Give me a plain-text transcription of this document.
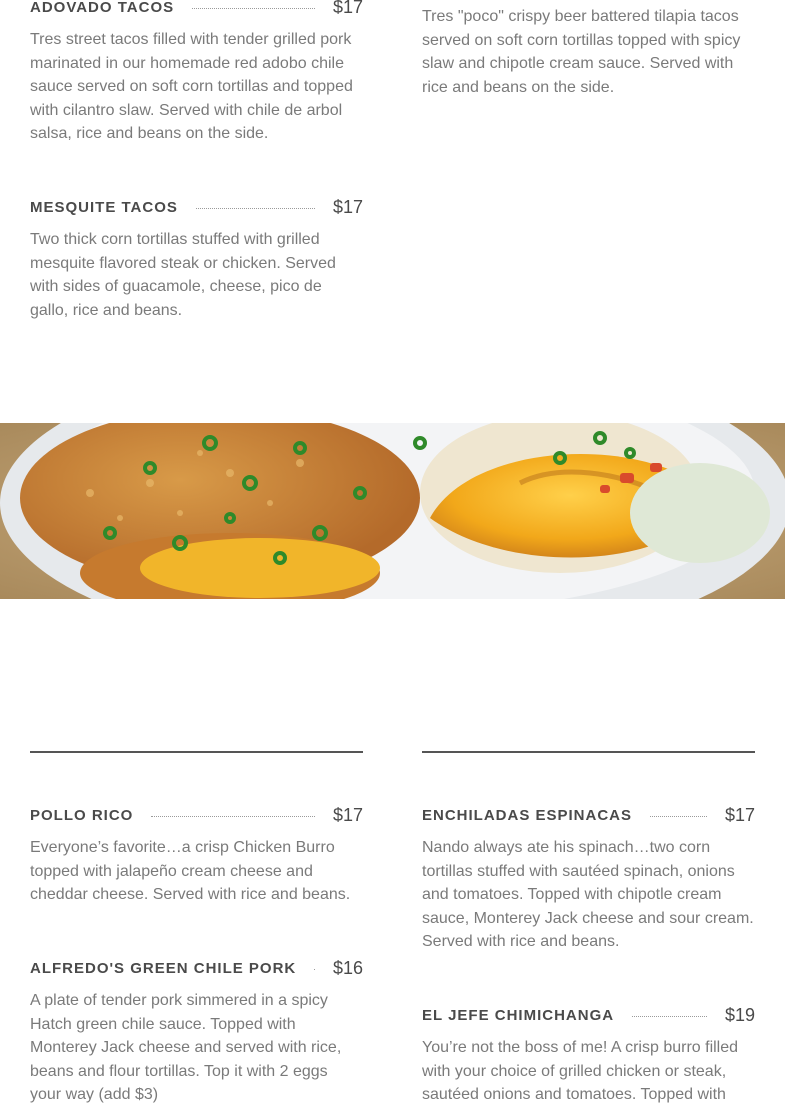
ADOVADO TACOS	$17

Tres street tacos filled with tender grilled pork marinated in our homemade red adobo chile sauce served on soft corn tortillas and topped with cilantro slaw. Served with chile de arbol salsa, rice and beans on the side.

Tres "poco" crispy beer battered tilapia tacos served on soft corn tortillas topped with spicy slaw and chipotle cream sauce. Served with rice and beans on the side.

MESQUITE TACOS	$17

Two thick corn tortillas stuffed with grilled mesquite flavored steak or chicken. Served with sides of guacamole, cheese, pico de gallo, rice and beans.

POLLO RICO	$17

Everyone’s favorite…a crisp Chicken Burro topped with jalapeño cream cheese and cheddar cheese. Served with rice and beans.

ALFREDO'S GREEN CHILE PORK $16

A plate of tender pork simmered in a spicy Hatch green chile sauce. Topped with Monterey Jack cheese and served with rice, beans and flour tortillas. Top it with 2 eggs your way (add $3)

ENCHILADAS ESPINACAS	$17

Nando always ate his spinach…two corn tortillas stuffed with sautéed spinach, onions and tomatoes. Topped with chipotle cream sauce, Monterey Jack cheese and sour cream. Served with rice and beans.

EL JEFE CHIMICHANGA	$19

You’re not the boss of me! A crisp burro filled with your choice of grilled chicken or steak, sautéed onions and tomatoes. Topped with
